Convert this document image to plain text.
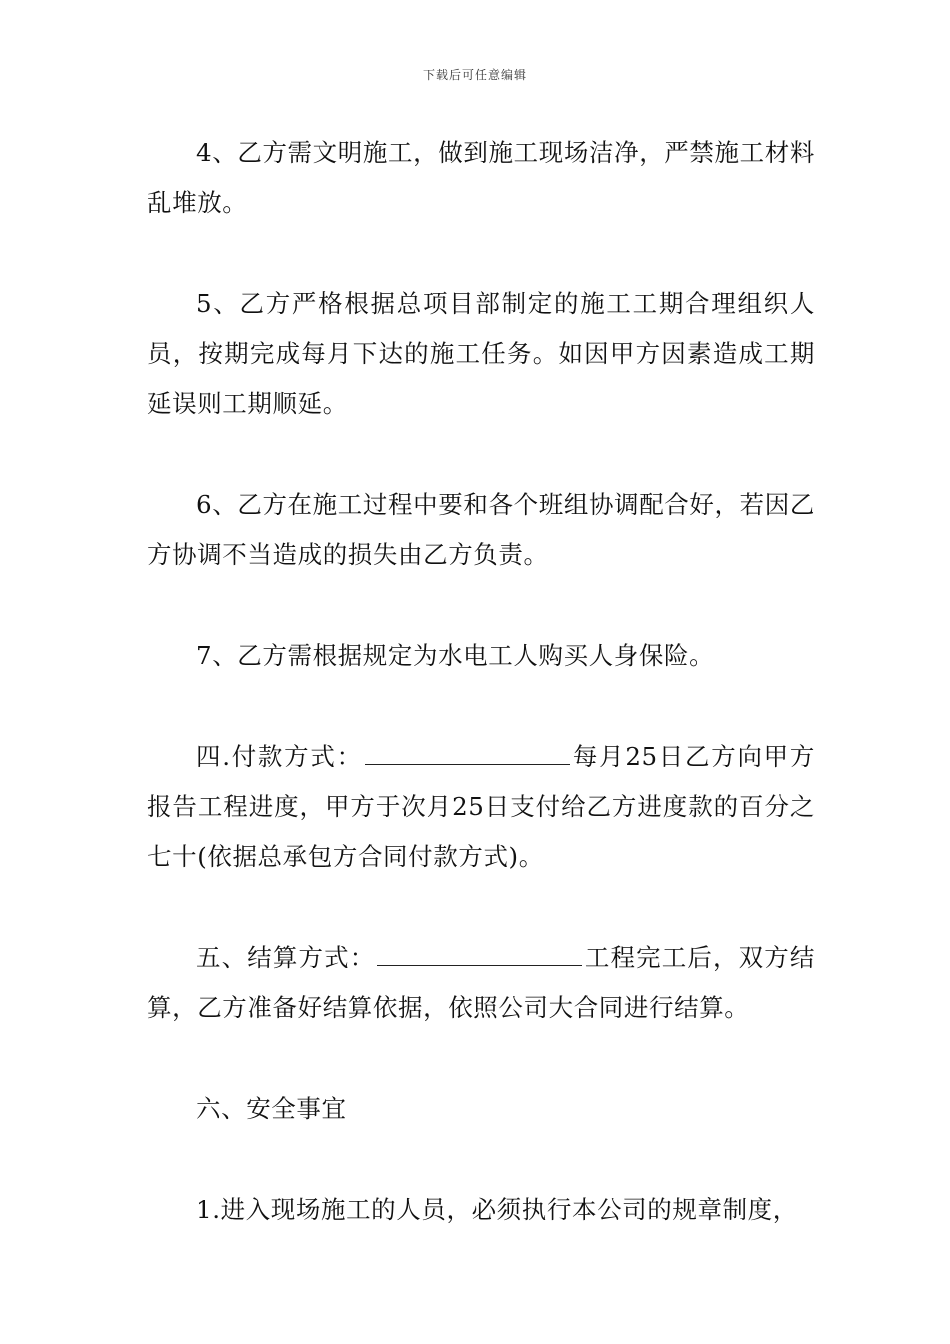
下载后可任意编辑

4、乙方需文明施工，做到施工现场洁净，严禁施工材料乱堆放。

5、乙方严格根据总项目部制定的施工工期合理组织人员，按期完成每月下达的施工任务。如因甲方因素造成工期延误则工期顺延。

6、乙方在施工过程中要和各个班组协调配合好，若因乙方协调不当造成的损失由乙方负责。

7、乙方需根据规定为水电工人购买人身保险。

四.付款方式：	每月25日乙方向甲方报告工程进度，甲方于次月25日支付给乙方进度款的百分之七十(依据总承包方合同付款方式)。

五、结算方式：	工程完工后，双方结算，乙方准备好结算依据，依照公司大合同进行结算。

六、安全事宜

1.进入现场施工的人员，必须执行本公司的规章制度，
